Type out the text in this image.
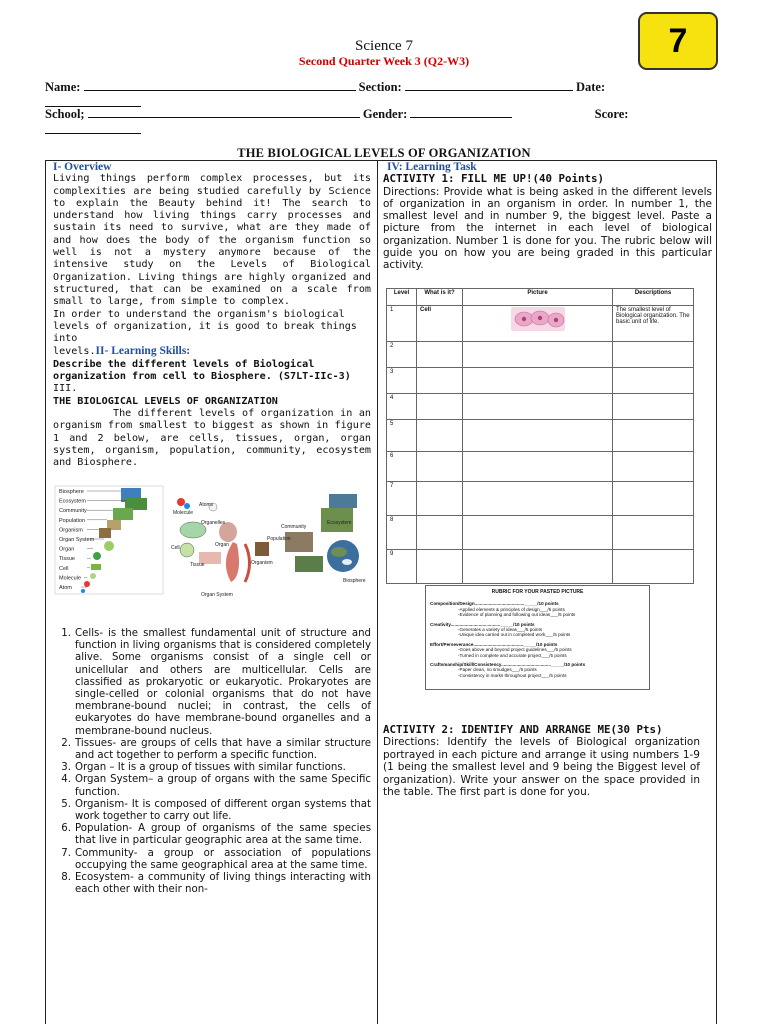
7
Science 7
Second Quarter Week 3 (Q2-W3)
Name:	Section:	Date:
School;	Gender:	Score:
THE BIOLOGICAL LEVELS OF ORGANIZATION
I- Overview
Living things perform complex processes, but its complexities are being studied carefully by Science to explain the Beauty behind it! The search to understand how living things carry processes and sustain its need to survive, what are they made of and how does the body of the organism function so well is not a mystery anymore because of the intensive study on the Levels of Biological Organization. Living things are highly organized and structured, that can be examined on a scale from small to large, from simple to complex.
In order to understand the organism's biological levels of organization, it is good to break things into
levels.II- Learning Skills:
Describe the different levels of Biological organization from cell to Biosphere. (S7LT-IIc-3)
III.
THE BIOLOGICAL LEVELS OF ORGANIZATION
The different levels of organization in an organism from smallest to biggest as shown in figure 1 and 2 below, are cells, tissues, organ, organ system, organism, population, community, ecosystem and Biosphere.
Biosphere
Ecosystem
Community
Population
Organism
Organ System
Organ
Tissue
Cell
Molecule
Atom
Atoms
Molecule
Organelles
Cell
Tissue
Organ
Organ System
Organism
Population
Community
Ecosystem
Biosphere
1. Cells- is the smallest fundamental unit of structure and function in living organisms that is considered completely alive. Some organisms consist of a single cell or unicellular and others are multicellular. Cells are classified as prokaryotic or eukaryotic. Prokaryotes are single-celled or colonial organisms that do not have membrane-bound nuclei; in contrast, the cells of eukaryotes do have membrane-bound organelles and a membrane-bound nucleus.
2. Tissues- are groups of cells that have a similar structure and act together to perform a specific function.
3. Organ – It is a group of tissues with similar functions.
4. Organ System– a group of organs with the same Specific function.
5. Organism- It is composed of different organ systems that work together to carry out life.
6. Population- A group of organisms of the same species that live in particular geographic area at the same time.
7. Community- a group or association of populations occupying the same geographical area at the same time.
8. Ecosystem- a community of living things interacting with each other with their non-
IV: Learning Task
ACTIVITY 1: FILL ME UP!(40 Points)
Directions: Provide what is being asked in the different levels of organization in an organism in order. In number 1, the smallest level and in number 9, the biggest level. Paste a picture from the internet in each level of biological organization. Number 1 is done for you. The rubric below will guide you on how you are being graded in this particular activity.
Level	What is it?	Picture	Descriptions
1	Cell		The smallest level of Biological organization. The basic unit of life.
2			
3			
4			
5			
6			
7			
8			
9			
RUBRIC FOR YOUR PASTED PICTURE
Composition/Design......................................._____/10 points
-Applied elements & principles of design___/5 points
-Evidence of planning and following out ideas___/5 points
Creativity......................................._____/10 points
-Generates a variety of ideas___/5 points
-Unique idea carried out in completed work___/5 points
Effort/Perseverance......................................._____/10 points
-Goes above and beyond project guidelines___/5 points
-Turned in complete and accurate project___/5 points
Craftsmanship/Skill/Consistency......................................._____/10 points
-Paper clean, no smudges___/5 points
-Consistency in marks throughout project___/5 points
ACTIVITY 2: IDENTIFY AND ARRANGE ME(30 Pts)
Directions: Identify the levels of Biological organization portrayed in each picture and arrange it using numbers 1-9 (1 being the smallest level and 9 being the Biggest level of organization). Write your answer on the space provided in the table. The first part is done for you.
